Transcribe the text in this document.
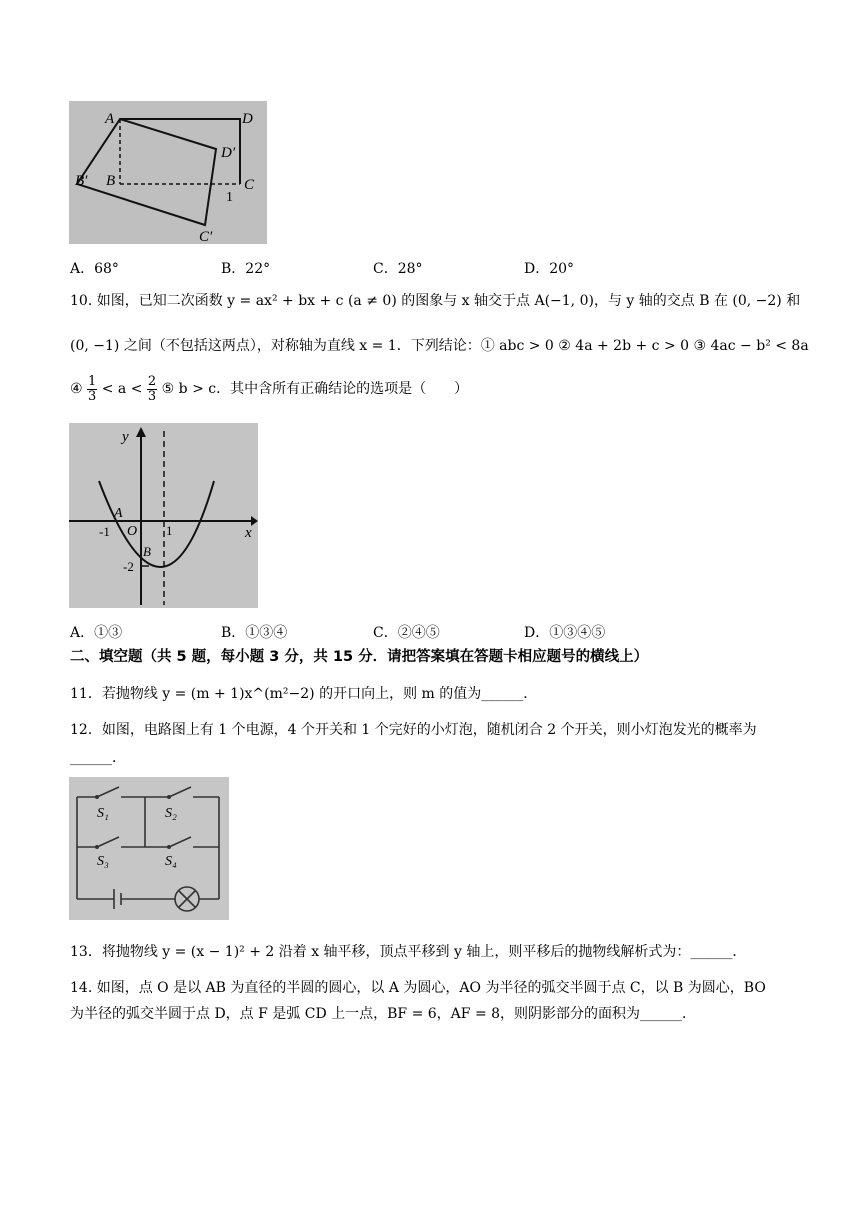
A	D
D′
B′ B	C
1
C′
A．68°	B．22°	C．28°	D．20°
10. 如图，已知二次函数 y = ax² + bx + c (a ≠ 0) 的图象与 x 轴交于点 A(−1, 0)，与 y 轴的交点 B 在 (0, −2) 和
(0, −1) 之间（不包括这两点），对称轴为直线 x = 1．下列结论：① abc > 0 ② 4a + 2b + c > 0 ③ 4ac − b² < 8a
④ $\frac{1}{3} < a < \frac{2}{3}$ ⑤ b > c．其中含所有正确结论的选项是（　　）
y
x
A
O
-1	1
B
-2
A．①③	B．①③④	C．②④⑤	D．①③④⑤
二、填空题（共 5 题，每小题 3 分，共 15 分．请把答案填在答题卡相应题号的横线上）
11．若抛物线 y = (m + 1)x^(m²−2) 的开口向上，则 m 的值为______．
12．如图，电路图上有 1 个电源，4 个开关和 1 个完好的小灯泡，随机闭合 2 个开关，则小灯泡发光的概率为
______．
S₁	S₂
S₃	S₄
13．将抛物线 y = (x − 1)² + 2 沿着 x 轴平移，顶点平移到 y 轴上，则平移后的抛物线解析式为：______．
14. 如图，点 O 是以 AB 为直径的半圆的圆心，以 A 为圆心，AO 为半径的弧交半圆于点 C，以 B 为圆心，BO
为半径的弧交半圆于点 D，点 F 是弧 CD 上一点，BF = 6，AF = 8，则阴影部分的面积为______．
